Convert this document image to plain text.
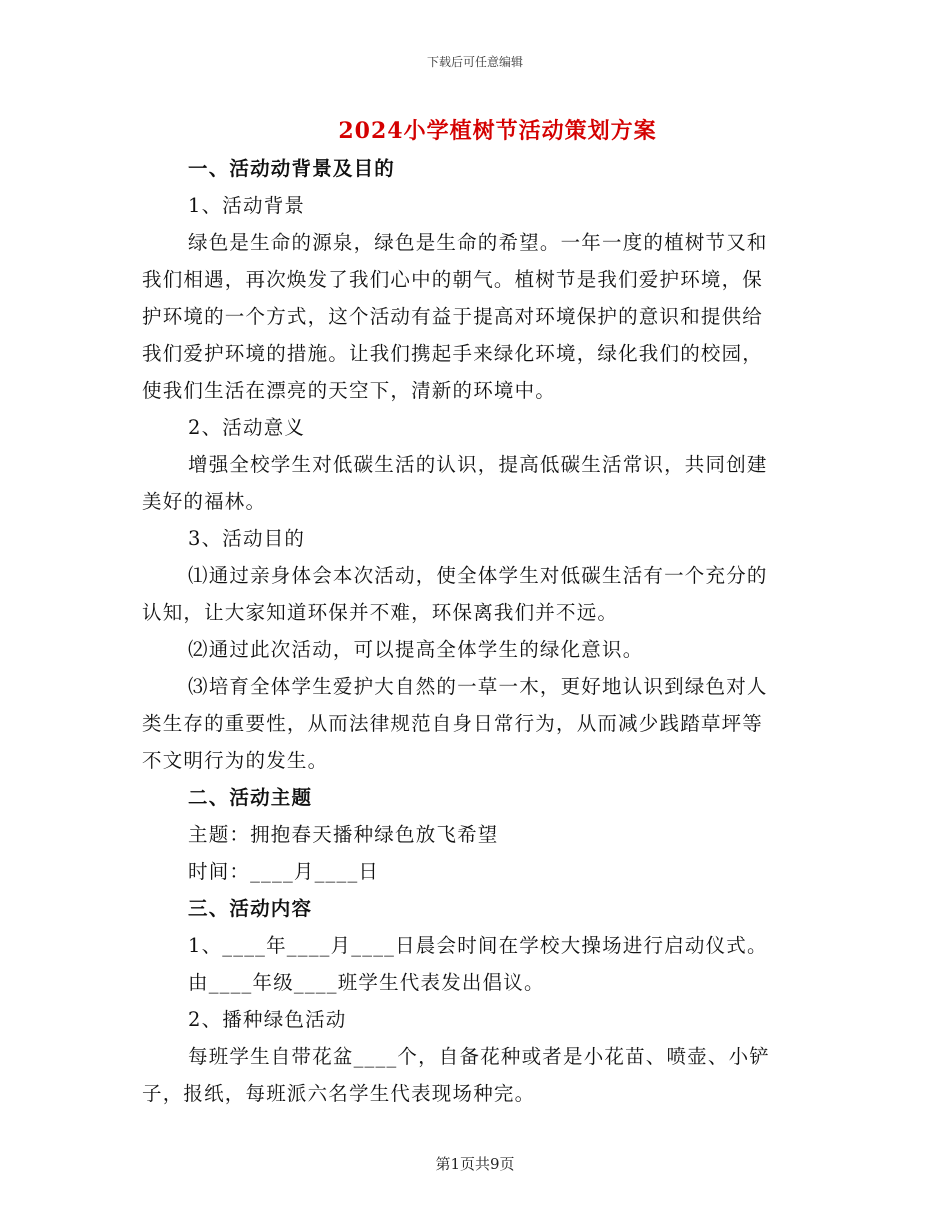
下载后可任意编辑
2024小学植树节活动策划方案
一、活动动背景及目的
1、活动背景
绿色是生命的源泉，绿色是生命的希望。一年一度的植树节又和
我们相遇，再次焕发了我们心中的朝气。植树节是我们爱护环境，保
护环境的一个方式，这个活动有益于提高对环境保护的意识和提供给
我们爱护环境的措施。让我们携起手来绿化环境，绿化我们的校园，
使我们生活在漂亮的天空下，清新的环境中。
2、活动意义
增强全校学生对低碳生活的认识，提高低碳生活常识，共同创建
美好的福林。
3、活动目的
⑴通过亲身体会本次活动，使全体学生对低碳生活有一个充分的
认知，让大家知道环保并不难，环保离我们并不远。
⑵通过此次活动，可以提高全体学生的绿化意识。
⑶培育全体学生爱护大自然的一草一木，更好地认识到绿色对人
类生存的重要性，从而法律规范自身日常行为，从而减少践踏草坪等
不文明行为的发生。
二、活动主题
主题：拥抱春天播种绿色放飞希望
时间：____月____日
三、活动内容
1、____年____月____日晨会时间在学校大操场进行启动仪式。
由____年级____班学生代表发出倡议。
2、播种绿色活动
每班学生自带花盆____个，自备花种或者是小花苗、喷壶、小铲
子，报纸，每班派六名学生代表现场种完。
第1页共9页
